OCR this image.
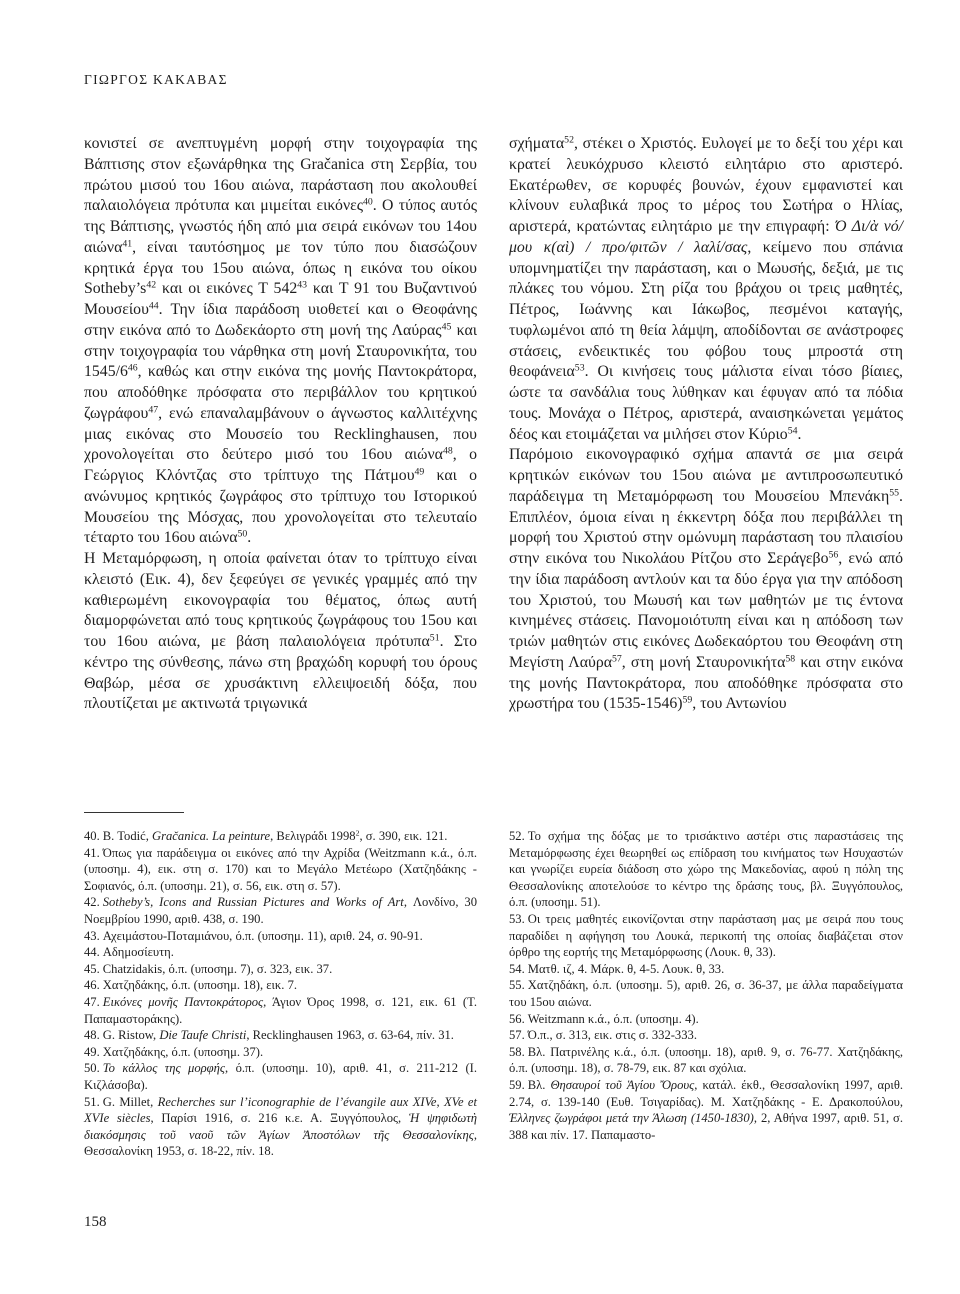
ΓΙΩΡΓΟΣ ΚΑΚΑΒΑΣ

κονιστεί σε ανεπτυγμένη μορφή στην τοιχογραφία της Βάπτισης στον εξωνάρθηκα της Gračanica στη Σερβία, του πρώτου μισού του 16ου αιώνα, παράσταση που ακολουθεί παλαιολόγεια πρότυπα και μιμείται εικόνες$^{40}$. Ο τύπος αυτός της Βάπτισης, γνωστός ήδη από μια σειρά εικόνων του 14ου αιώνα$^{41}$, είναι ταυτόσημος με τον τύπο που διασώζουν κρητικά έργα του 15ου αιώνα, όπως η εικόνα του οίκου $Sotheby’s^{42}$ και οι εικόνες Τ $542^{43}$ και Τ 91 του Βυζαντινού Μουσείου$^{44}$. Την ίδια παράδοση υιοθετεί και ο Θεοφάνης στην εικόνα από το Δωδεκάορτο στη μονή της Λαύρας$^{45}$ και στην τοιχογραφία του νάρθηκα στη μονή Σταυρονικήτα, του $1545/6^{46}$, καθώς και στην εικόνα της μονής Παντοκράτορα, που αποδόθηκε πρόσφατα στο περιβάλλον του κρητικού ζωγράφου$^{47}$, ενώ επαναλαμβάνουν ο άγνωστος καλλιτέχνης μιας εικόνας στο Μουσείο του Recklinghausen, που χρονολογείται στο δεύτερο μισό του 16ου αιώνα$^{48}$, ο Γεώργιος Κλόντζας στο τρίπτυχο της Πάτμου$^{49}$ και ο ανώνυμος κρητικός ζωγράφος στο τρίπτυχο του Ιστορικού Μουσείου της Μόσχας, που χρονολογείται στο τελευταίο τέταρτο του 16ου αιώνα$^{50}$.
Η Μεταμόρφωση, η οποία φαίνεται όταν το τρίπτυχο είναι κλειστό (Εικ. 4), δεν ξεφεύγει σε γενικές γραμμές από την καθιερωμένη εικονογραφία του θέματος, όπως αυτή διαμορφώνεται από τους κρητικούς ζωγράφους του 15ου και του 16ου αιώνα, με βάση παλαιολόγεια πρότυπα$^{51}$. Στο κέντρο της σύνθεσης, πάνω στη βραχώδη κορυφή του όρους Θαβώρ, μέσα σε χρυσάκτινη ελλειψοειδή δόξα, που πλουτίζεται με ακτινωτά τριγωνικά

σχήματα$^{52}$, στέκει ο Χριστός. Ευλογεί με το δεξί του χέρι και κρατεί λευκόχρυσο κλειστό ειλητάριο στο αριστερό. Εκατέρωθεν, σε κορυφές βουνών, έχουν εμφανιστεί και κλίνουν ευλαβικά προς το μέρος του Σωτήρα ο Ηλίας, αριστερά, κρατώντας ειλητάριο με την επιγραφή: Ό Δι/ὰ νό/μου κ(αὶ) / προ/φιτῶν / λαλί/σας, κείμενο που σπάνια υπομνηματίζει την παράσταση, και ο Μωυσής, δεξιά, με τις πλάκες του νόμου. Στη ρίζα του βράχου οι τρεις μαθητές, Πέτρος, Ιωάννης και Ιάκωβος, πεσμένοι καταγής, τυφλωμένοι από τη θεία λάμψη, αποδίδονται σε ανάστροφες στάσεις, ενδεικτικές του φόβου τους μπροστά στη θεοφάνεια$^{53}$. Οι κινήσεις τους μάλιστα είναι τόσο βίαιες, ώστε τα σανδάλια τους λύθηκαν και έφυγαν από τα πόδια τους. Μονάχα ο Πέτρος, αριστερά, αναισηκώνεται γεμάτος δέος και ετοιμάζεται να μιλήσει στον Κύριο$^{54}$.
Παρόμοιο εικονογραφικό σχήμα απαντά σε μια σειρά κρητικών εικόνων του 15ου αιώνα με αντιπροσωπευτικό παράδειγμα τη Μεταμόρφωση του Μουσείου Μπενάκη$^{55}$. Επιπλέον, όμοια είναι η έκκεντρη δόξα που περιβάλλει τη μορφή του Χριστού στην ομώνυμη παράσταση του πλαισίου στην εικόνα του Νικολάου Ρίτζου στο Σεράγεβο$^{56}$, ενώ από την ίδια παράδοση αντλούν και τα δύο έργα για την απόδοση του Χριστού, του Μωυσή και των μαθητών με τις έντονα κινημένες στάσεις. Πανομοιότυπη είναι και η απόδοση των τριών μαθητών στις εικόνες Δωδεκαόρτου του Θεοφάνη στη Μεγίστη Λαύρα$^{57}$, στη μονή Σταυρονικήτα$^{58}$ και στην εικόνα της μονής Παντοκράτορα, που αποδόθηκε πρόσφατα στο χρωστήρα του (1535-1546)$^{59}$, του Αντωνίου

40. B. Todić, Gračanica. La peinture, Βελιγράδι 1998$^2$, σ. 390, εικ. 121.

41. Όπως για παράδειγμα οι εικόνες από την Αχρίδα (Weitzmann κ.ά., ό.π. (υποσημ. 4), εικ. στη σ. 170) και το Μεγάλο Μετέωρο (Χατζηδάκης - Σοφιανός, ό.π. (υποσημ. 21), σ. 56, εικ. στη σ. 57).

42. Sotheby’s, Icons and Russian Pictures and Works of Art, Λονδίνο, 30 Νοεμβρίου 1990, αριθ. 438, σ. 190.

43. Αχειμάστου-Ποταμιάνου, ό.π. (υποσημ. 11), αριθ. 24, σ. 90-91.

44. Αδημοσίευτη.

45. Chatzidakis, ό.π. (υποσημ. 7), σ. 323, εικ. 37.

46. Χατζηδάκης, ό.π. (υποσημ. 18), εικ. 7.

47. Εικόνες μονῆς Παντοκράτορος, Άγιον Όρος 1998, σ. 121, εικ. 61 (Τ. Παπαμαστοράκης).

48. G. Ristow, Die Taufe Christi, Recklinghausen 1963, σ. 63-64, πίν. 31.

49. Χατζηδάκης, ό.π. (υποσημ. 37).

50. Το κάλλος της μορφής, ό.π. (υποσημ. 10), αριθ. 41, σ. 211-212 (Ι. Κιζλάσοβα).

51. G. Millet, Recherches sur l’iconographie de l’évangile aux XIVe, XVe et XVIe siècles, Παρίσι 1916, σ. 216 κ.ε. Α. Ξυγγόπουλος, Ἡ ψηφιδωτὴ διακόσμησις τοῦ ναοῦ τῶν Ἁγίων Ἀποστόλων τῆς Θεσσαλονίκης, Θεσσαλονίκη 1953, σ. 18-22, πίν. 18.

52. Το σχήμα της δόξας με το τρισάκτινο αστέρι στις παραστάσεις της Μεταμόρφωσης έχει θεωρηθεί ως επίδραση του κινήματος των Ησυχαστών και γνωρίζει ευρεία διάδοση στο χώρο της Μακεδονίας, αφού η πόλη της Θεσσαλονίκης αποτελούσε το κέντρο της δράσης τους, βλ. Ξυγγόπουλος, ό.π. (υποσημ. 51).

53. Οι τρεις μαθητές εικονίζονται στην παράσταση μας με σειρά που τους παραδίδει η αφήγηση του Λουκά, περικοπή της οποίας διαβάζεται στον όρθρο της εορτής της Μεταμόρφωσης (Λουκ. θ, 33).

54. Ματθ. ιζ, 4. Μάρκ. θ, 4-5. Λουκ. θ, 33.

55. Χατζηδάκη, ό.π. (υποσημ. 5), αριθ. 26, σ. 36-37, με άλλα παραδείγματα του 15ου αιώνα.

56. Weitzmann κ.ά., ό.π. (υποσημ. 4).

57. Ό.π., σ. 313, εικ. στις σ. 332-333.

58. Βλ. Πατρινέλης κ.ά., ό.π. (υποσημ. 18), αριθ. 9, σ. 76-77. Χατζηδάκης, ό.π. (υποσημ. 18), σ. 78-79, εικ. 87 και σχόλια.

59. Βλ. Θησαυροί τοῦ Ἁγίου Ὄρους, κατάλ. έκθ., Θεσσαλονίκη 1997, αριθ. 2.74, σ. 139-140 (Ευθ. Τσιγαρίδας). Μ. Χατζηδάκης - Ε. Δρακοπούλου, Έλληνες ζωγράφοι μετά την Άλωση (1450-1830), 2, Αθήνα 1997, αριθ. 51, σ. 388 και πίν. 17. Παπαμαστο-

158
